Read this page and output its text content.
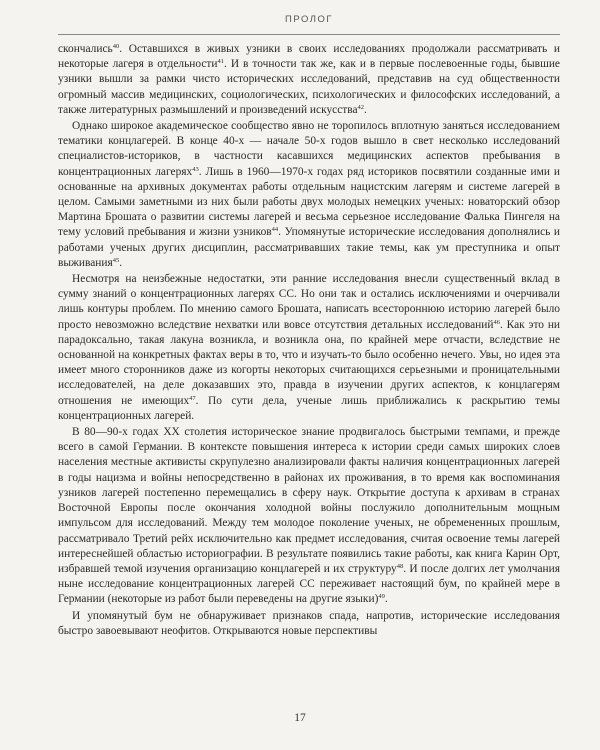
ПРОЛОГ

скончались$^{40}$. Оставшихся в живых узники в своих исследованиях продолжали рассматривать и некоторые лагеря в отдельности$^{41}$. И в точности так же, как и в первые послевоенные годы, бывшие узники вышли за рамки чисто исторических исследований, представив на суд общественности огромный массив медицинских, социологических, психологических и философских исследований, а также литературных размышлений и произведений искусства$^{42}$.

Однако широкое академическое сообщество явно не торопилось вплотную заняться исследованием тематики концлагерей. В конце 40-х — начале 50-х годов вышло в свет несколько исследований специалистов-историков, в частности касавшихся медицинских аспектов пребывания в концентрационных лагерях$^{43}$. Лишь в 1960—1970-х годах ряд историков посвятили созданные ими и основанные на архивных документах работы отдельным нацистским лагерям и системе лагерей в целом. Самыми заметными из них были работы двух молодых немецких ученых: новаторский обзор Мартина Брошата о развитии системы лагерей и весьма серьезное исследование Фалька Пингеля на тему условий пребывания и жизни узников$^{44}$. Упомянутые исторические исследования дополнялись и работами ученых других дисциплин, рассматривавших такие темы, как ум преступника и опыт выживания$^{45}$.

Несмотря на неизбежные недостатки, эти ранние исследования внесли существенный вклад в сумму знаний о концентрационных лагерях СС. Но они так и остались исключениями и очерчивали лишь контуры проблем. По мнению самого Брошата, написать всестороннюю историю лагерей было просто невозможно вследствие нехватки или вовсе отсутствия детальных исследований$^{46}$. Как это ни парадоксально, такая лакуна возникла, и возникла она, по крайней мере отчасти, вследствие не основанной на конкретных фактах веры в то, что и изучать-то было особенно нечего. Увы, но идея эта имеет много сторонников даже из когорты некоторых считающихся серьезными и проницательными исследователей, на деле доказавших это, правда в изучении других аспектов, к концлагерям отношения не имеющих$^{47}$. По сути дела, ученые лишь приближались к раскрытию темы концентрационных лагерей.

В 80—90-х годах XX столетия историческое знание продвигалось быстрыми темпами, и прежде всего в самой Германии. В контексте повышения интереса к истории среди самых широких слоев населения местные активисты скрупулезно анализировали факты наличия концентрационных лагерей в годы нацизма и войны непосредственно в районах их проживания, в то время как воспоминания узников лагерей постепенно перемещались в сферу наук. Открытие доступа к архивам в странах Восточной Европы после окончания холодной войны послужило дополнительным мощным импульсом для исследований. Между тем молодое поколение ученых, не обремененных прошлым, рассматривало Третий рейх исключительно как предмет исследования, считая освоение темы лагерей интереснейшей областью историографии. В результате появились такие работы, как книга Карин Орт, избравшей темой изучения организацию концлагерей и их структуру$^{48}$. И после долгих лет умолчания ныне исследование концентрационных лагерей СС переживает настоящий бум, по крайней мере в Германии (некоторые из работ были переведены на другие языки)$^{49}$.

И упомянутый бум не обнаруживает признаков спада, напротив, исторические исследования быстро завоевывают неофитов. Открываются новые перспективы

17
